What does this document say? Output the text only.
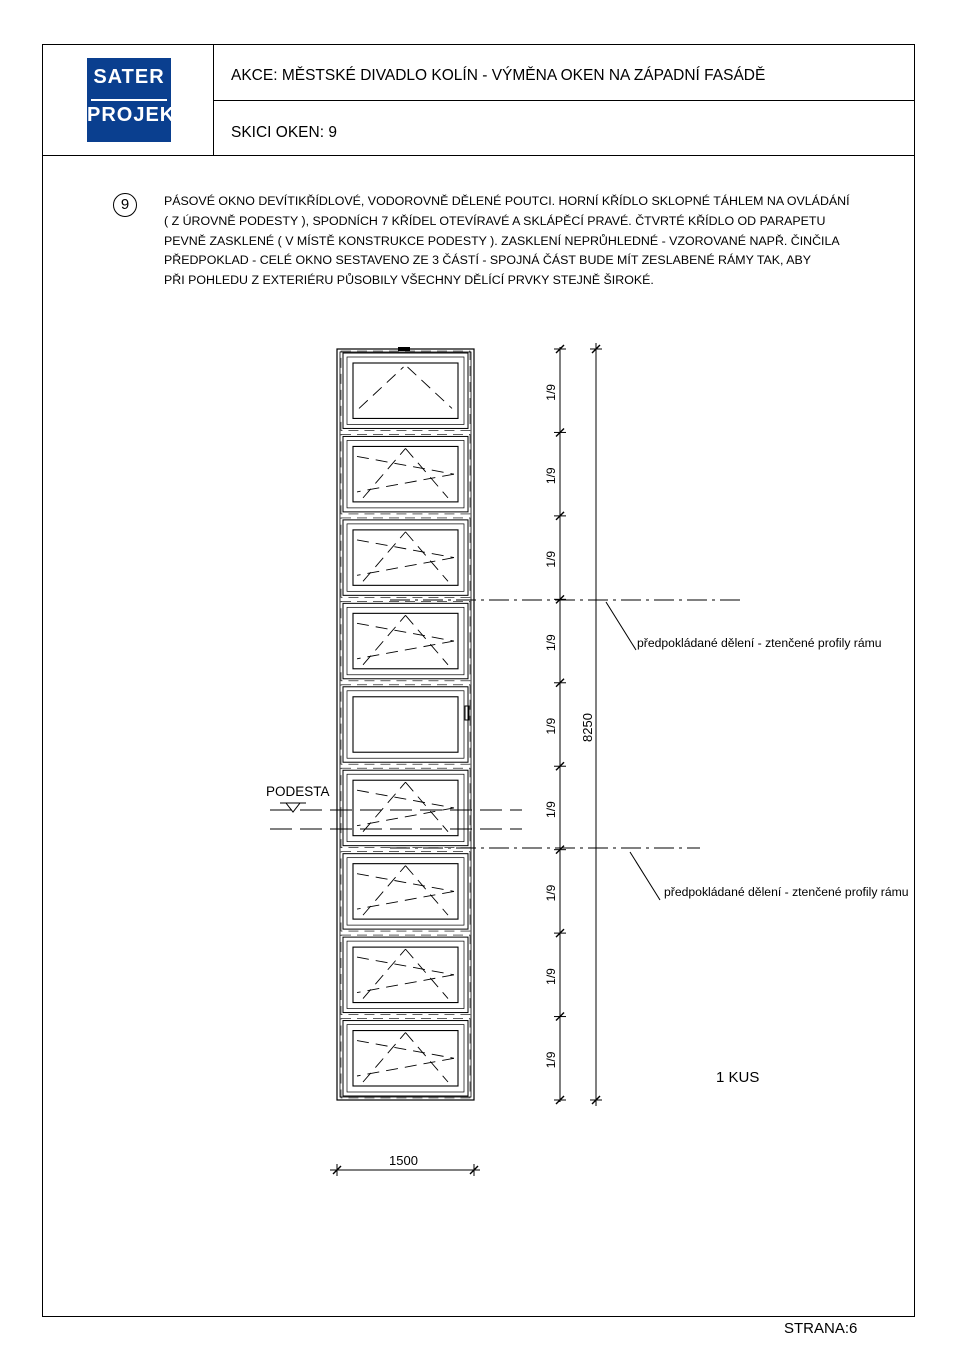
SATER
PROJEKT
AKCE: MĚSTSKÉ DIVADLO KOLÍN - VÝMĚNA OKEN NA ZÁPADNÍ FASÁDĚ
SKICI OKEN: 9
9	PÁSOVÉ OKNO DEVÍTIKŘÍDLOVÉ, VODOROVNĚ DĚLENÉ POUTCI. HORNÍ KŘÍDLO SKLOPNÉ TÁHLEM NA OVLÁDÁNÍ
( Z ÚROVNĚ PODESTY ), SPODNÍCH 7 KŘÍDEL OTEVÍRAVÉ A SKLÁPĚCÍ PRAVÉ. ČTVRTÉ KŘÍDLO OD PARAPETU
PEVNĚ ZASKLENÉ ( V MÍSTĚ KONSTRUKCE PODESTY ). ZASKLENÍ NEPRŮHLEDNÉ - VZOROVANÉ NAPŘ. ČINČILA
PŘEDPOKLAD - CELÉ OKNO SESTAVENO ZE 3 ČÁSTÍ - SPOJNÁ ČÁST BUDE MÍT ZESLABENÉ RÁMY TAK, ABY
PŘI POHLEDU Z EXTERIÉRU PŮSOBILY VŠECHNY DĚLÍCÍ PRVKY STEJNĚ ŠIROKÉ.
1/9
1/9
1/9
1/9
1/9
1/9
1/9
1/9
1/9
PODESTA
předpokládané dělení - ztenčené profily rámu
předpokládané dělení - ztenčené profily rámu
1 KUS
1500
8250
STRANA:6
